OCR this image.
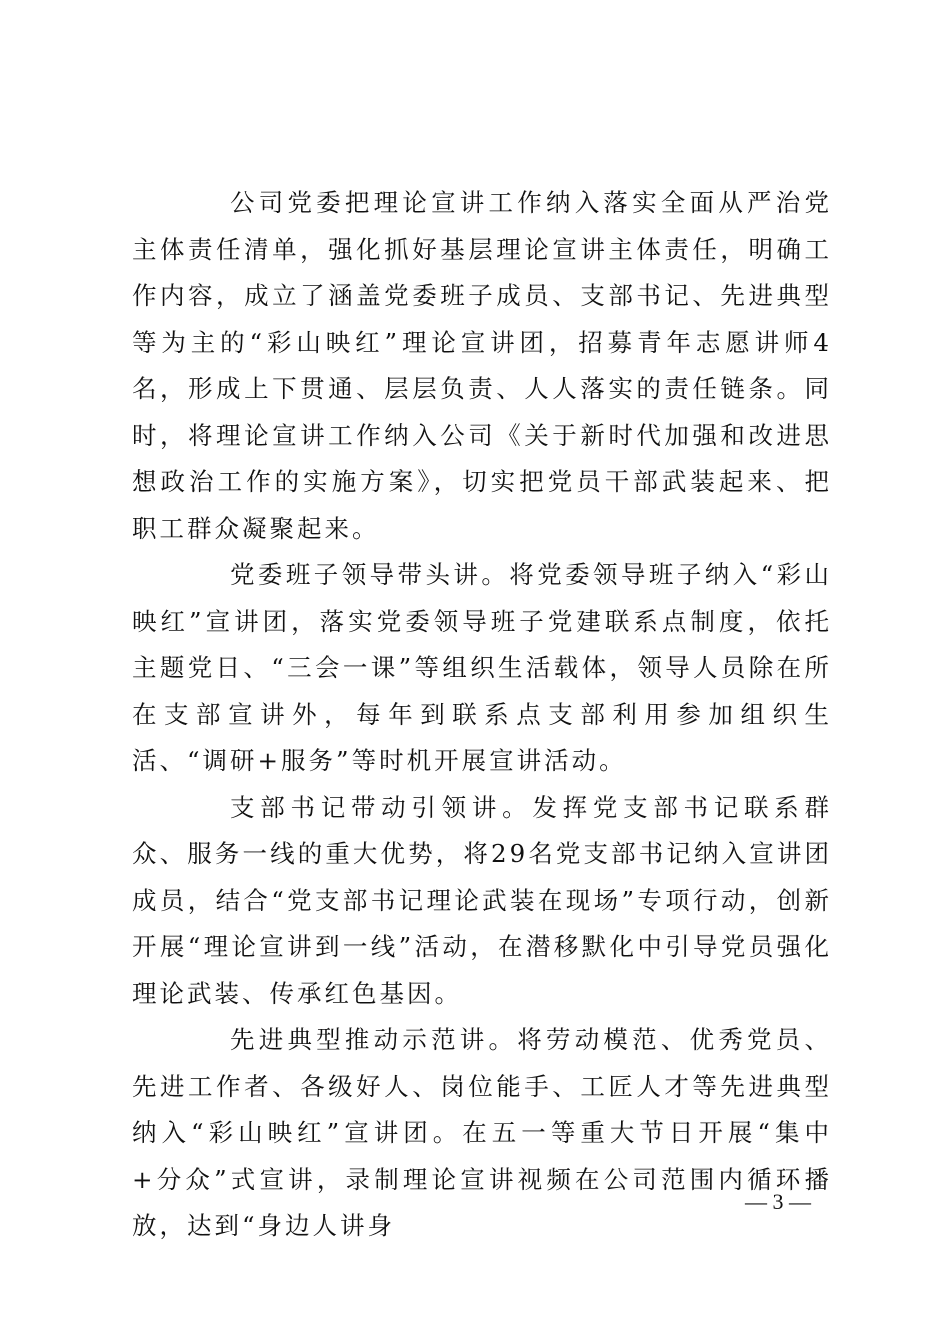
公司党委把理论宣讲工作纳入落实全面从严治党主体责任清单，强化抓好基层理论宣讲主体责任，明确工作内容，成立了涵盖党委班子成员、支部书记、先进典型等为主的“彩山映红”理论宣讲团，招募青年志愿讲师4名，形成上下贯通、层层负责、人人落实的责任链条。同时，将理论宣讲工作纳入公司《关于新时代加强和改进思想政治工作的实施方案》，切实把党员干部武装起来、把职工群众凝聚起来。

党委班子领导带头讲。将党委领导班子纳入“彩山映红”宣讲团，落实党委领导班子党建联系点制度，依托主题党日、“三会一课”等组织生活载体，领导人员除在所在支部宣讲外，每年到联系点支部利用参加组织生活、“调研+服务”等时机开展宣讲活动。

支部书记带动引领讲。发挥党支部书记联系群众、服务一线的重大优势，将29名党支部书记纳入宣讲团成员，结合“党支部书记理论武装在现场”专项行动，创新开展“理论宣讲到一线”活动，在潜移默化中引导党员强化理论武装、传承红色基因。

先进典型推动示范讲。将劳动模范、优秀党员、先进工作者、各级好人、岗位能手、工匠人才等先进典型纳入“彩山映红”宣讲团。在五一等重大节日开展“集中+分众”式宣讲，录制理论宣讲视频在公司范围内循环播放，达到“身边人讲身

— 3 —
